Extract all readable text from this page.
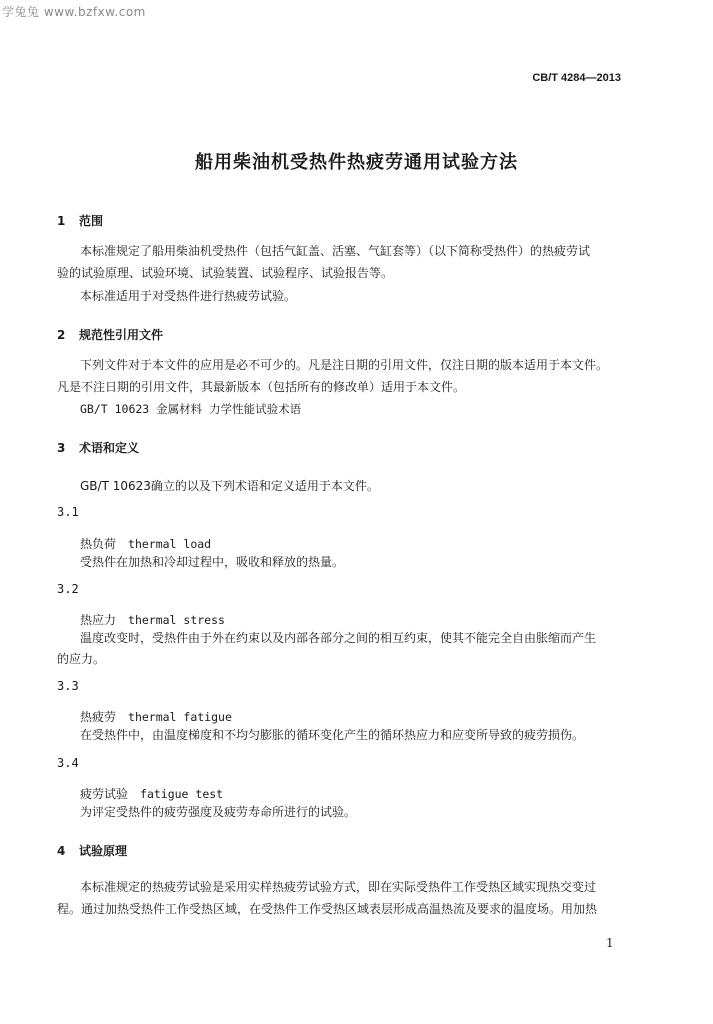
学兔兔 www.bzfxw.com
CB/T 4284—2013
船用柴油机受热件热疲劳通用试验方法
1 范围
本标准规定了船用柴油机受热件（包括气缸盖、活塞、气缸套等）（以下简称受热件）的热疲劳试
验的试验原理、试验环境、试验装置、试验程序、试验报告等。
本标准适用于对受热件进行热疲劳试验。
2 规范性引用文件
下列文件对于本文件的应用是必不可少的。凡是注日期的引用文件，仅注日期的版本适用于本文件。
凡是不注日期的引用文件，其最新版本（包括所有的修改单）适用于本文件。
GB/T 10623 金属材料 力学性能试验术语
3 术语和定义
GB/T 10623确立的以及下列术语和定义适用于本文件。
3.1
热负荷 thermal load
受热件在加热和冷却过程中，吸收和释放的热量。
3.2
热应力 thermal stress
温度改变时，受热件由于外在约束以及内部各部分之间的相互约束，使其不能完全自由胀缩而产生
的应力。
3.3
热疲劳 thermal fatigue
在受热件中，由温度梯度和不均匀膨胀的循环变化产生的循环热应力和应变所导致的疲劳损伤。
3.4
疲劳试验 fatigue test
为评定受热件的疲劳强度及疲劳寿命所进行的试验。
4 试验原理
本标准规定的热疲劳试验是采用实样热疲劳试验方式，即在实际受热件工作受热区域实现热交变过
程。通过加热受热件工作受热区域，在受热件工作受热区域表层形成高温热流及要求的温度场。用加热
1
